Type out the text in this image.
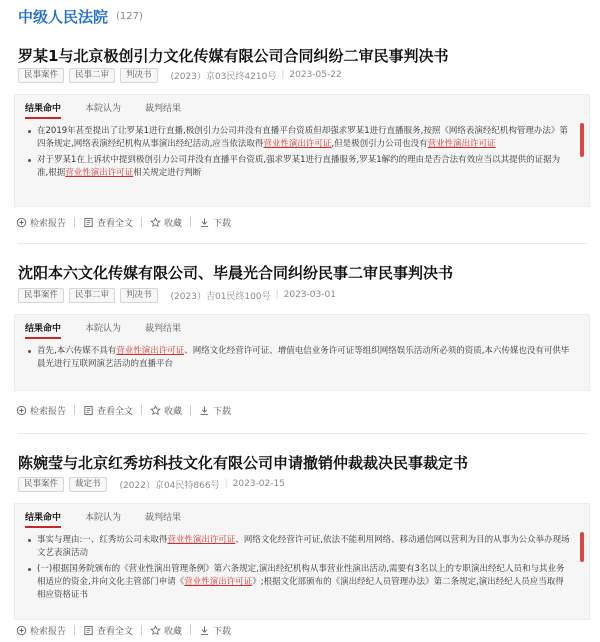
中级人民法院 (127)
罗某1与北京极创引力文化传媒有限公司合同纠纷二审民事判决书
民事案件	民事二审	判决书	(2023）京03民终4210号 | 2023-05-22
结果命中	本院认为	裁判结果
在2019年甚至提出了让罗某1进行直播,极创引力公司并没有直播平台资质但却强求罗某1进行直播服务,按照《网络表演经纪机构管理办法》第四条规定,网络表演经纪机构从事演出经纪活动,应当依法取得营业性演出许可证,但是极创引力公司也没有营业性演出许可证
对于罗某1在上诉状中提到极创引力公司并没有直播平台资质,强求罗某1进行直播服务,罗某1解约的理由是否合法有效应当以其提供的证据为准,根据营业性演出许可证相关规定进行判断
检索报告	查看全文	收藏	下载
沈阳本六文化传媒有限公司、毕晨光合同纠纷民事二审民事判决书
民事案件	民事二审	判决书	(2023）吉01民终100号 | 2023-03-01
结果命中	本院认为	裁判结果
首先,本六传媒不具有营业性演出许可证、网络文化经营许可证、增值电信业务许可证等组织网络娱乐活动所必须的资质,本六传媒也没有可供毕晨光进行互联网演艺活动的直播平台
检索报告	查看全文	收藏	下载
陈婉莹与北京红秀坊科技文化有限公司申请撤销仲裁裁决民事裁定书
民事案件	裁定书	(2022）京04民特866号 | 2023-02-15
结果命中	本院认为	裁判结果
事实与理由:一、红秀坊公司未取得营业性演出许可证、网络文化经营许可证,依法不能利用网络、移动通信网以营利为目的从事为公众举办现场文艺表演活动
(一)根据国务院颁布的《营业性演出管理条例》第六条规定,演出经纪机构从事营业性演出活动,需要有3名以上的专职演出经纪人员和与其业务相适应的资金,并向文化主管部门申请《营业性演出许可证》;根据文化部颁布的《演出经纪人员管理办法》第二条规定,演出经纪人员应当取得相应资格证书
检索报告	查看全文	收藏	下载
